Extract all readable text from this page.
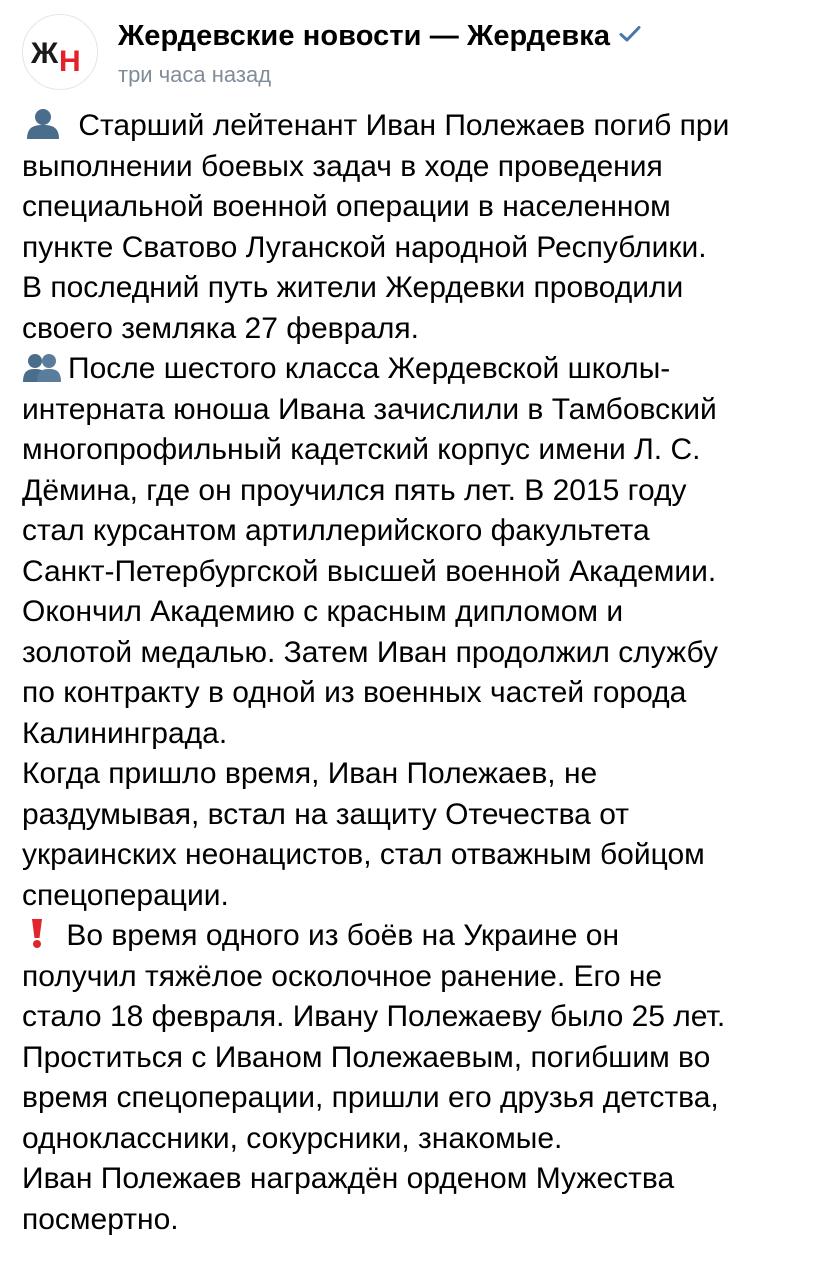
Ж Н
Жердевские новости — Жердевка
три часа назад
Старший лейтенант Иван Полежаев погиб при
выполнении боевых задач в ходе проведения
специальной военной операции в населенном
пункте Сватово Луганской народной Республики.
В последний путь жители Жердевки проводили
своего земляка 27 февраля.
После шестого класса Жердевской школы-
интерната юноша Ивана зачислили в Тамбовский
многопрофильный кадетский корпус имени Л. С.
Дёмина, где он проучился пять лет. В 2015 году
стал курсантом артиллерийского факультета
Санкт-Петербургской высшей военной Академии.
Окончил Академию с красным дипломом и
золотой медалью. Затем Иван продолжил службу
по контракту в одной из военных частей города
Калининграда.
Когда пришло время, Иван Полежаев, не
раздумывая, встал на защиту Отечества от
украинских неонацистов, стал отважным бойцом
спецоперации.
Во время одного из боёв на Украине он
получил тяжёлое осколочное ранение. Его не
стало 18 февраля. Ивану Полежаеву было 25 лет.
Проститься с Иваном Полежаевым, погибшим во
время спецоперации, пришли его друзья детства,
одноклассники, сокурсники, знакомые.
Иван Полежаев награждён орденом Мужества
посмертно.
